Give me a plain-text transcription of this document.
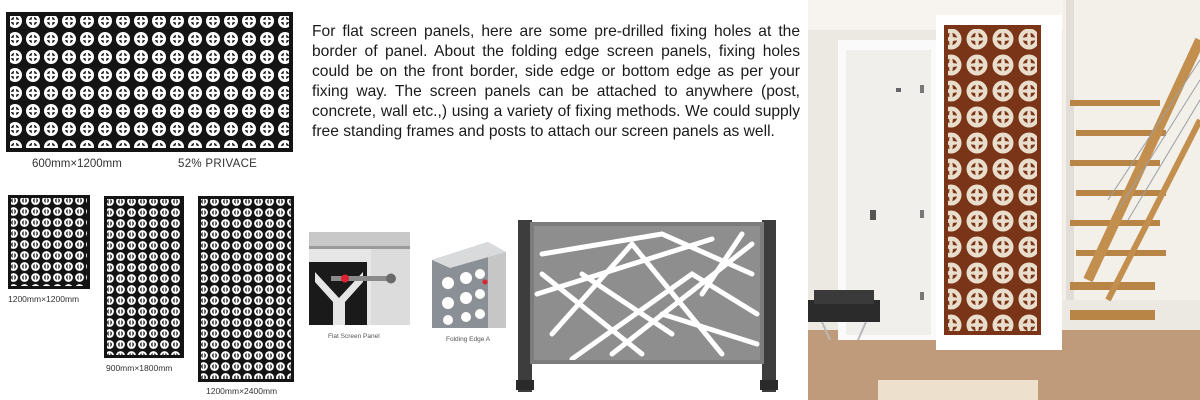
600mm×1200mm	52% PRIVACE
1200mm×1200mm
900mm×1800mm
1200mm×2400mm
For flat screen panels, here are some pre-drilled fixing holes at the border of panel. About the folding edge screen panels, fixing holes could be on the front border, side edge or bottom edge as per your fixing way. The screen panels can be attached to anywhere (post, concrete, wall etc.,) using a variety of fixing methods. We could supply free standing frames and posts to attach our screen panels as well.
Flat Screen Panel	Folding Edge A
